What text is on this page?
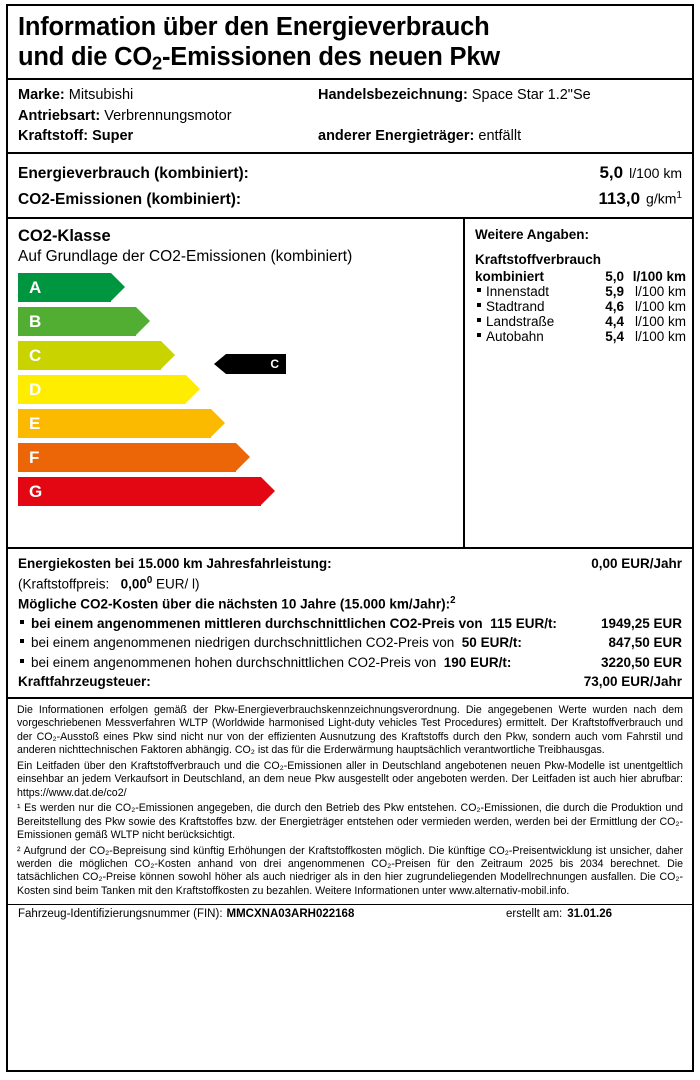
Information über den Energieverbrauch
und die $CO_2$-Emissionen des neuen Pkw
Marke: Mitsubishi	Handelsbezeichnung: Space Star 1.2"Se
Antriebsart: Verbrennungsmotor
Kraftstoff: Super	anderer Energieträger: entfällt
Energieverbrauch (kombiniert):	5,0 l/100 km
CO2-Emissionen (kombiniert):	113,0 $g/km^1$
CO2-Klasse
Auf Grundlage der CO2-Emissionen (kombiniert)
A
B
C
D
E
F
G
C
Weitere Angaben:
Kraftstoffverbrauch
kombiniert	5,0 l/100 km
Innenstadt	5,9 l/100 km
Stadtrand	4,6 l/100 km
Landstraße	4,4 l/100 km
Autobahn	5,4 l/100 km
Energiekosten bei 15.000 km Jahresfahrleistung:	0,00 EUR/Jahr
(Kraftstoffpreis: 0,00$^0$ EUR/ l)
Mögliche CO2-Kosten über die nächsten 10 Jahre (15.000 km/Jahr):$^2$
bei einem angenommenen mittleren durchschnittlichen CO2-Preis von 115 EUR/t:	1949,25 EUR
bei einem angenommenen niedrigen durchschnittlichen CO2-Preis von 50 EUR/t:	847,50 EUR
bei einem angenommenen hohen durchschnittlichen CO2-Preis von 190 EUR/t:	3220,50 EUR
Kraftfahrzeugsteuer:	73,00 EUR/Jahr

Die Informationen erfolgen gemäß der Pkw-Energieverbrauchskennzeichnungsverordnung. Die angegebenen Werte wurden nach dem vorgeschriebenen Messverfahren WLTP (Worldwide harmonised Light-duty vehicles Test Procedures) ermittelt. Der Kraftstoffverbrauch und der CO₂-Ausstoß eines Pkw sind nicht nur von der effizienten Ausnutzung des Kraftstoffs durch den Pkw, sondern auch vom Fahrstil und anderen nichttechnischen Faktoren abhängig. CO₂ ist das für die Erderwärmung hauptsächlich verantwortliche Treibhausgas.

Ein Leitfaden über den Kraftstoffverbrauch und die CO₂-Emissionen aller in Deutschland angebotenen neuen Pkw-Modelle ist unentgeltlich einsehbar an jedem Verkaufsort in Deutschland, an dem neue Pkw ausgestellt oder angeboten werden. Der Leitfaden ist auch hier abrufbar: https://www.dat.de/co2/

¹ Es werden nur die CO₂-Emissionen angegeben, die durch den Betrieb des Pkw entstehen. CO₂-Emissionen, die durch die Produktion und Bereitstellung des Pkw sowie des Kraftstoffes bzw. der Energieträger entstehen oder vermieden werden, werden bei der Ermittlung der CO₂-Emissionen gemäß WLTP nicht berücksichtigt.

² Aufgrund der CO₂-Bepreisung sind künftig Erhöhungen der Kraftstoffkosten möglich. Die künftige CO₂-Preisentwicklung ist unsicher, daher werden die möglichen CO₂-Kosten anhand von drei angenommenen CO₂-Preisen für den Zeitraum 2025 bis 2034 berechnet. Die tatsächlichen CO₂-Preise können sowohl höher als auch niedriger als in den hier zugrundeliegenden Modellrechnungen ausfallen. Die CO₂-Kosten sind beim Tanken mit den Kraftstoffkosten zu bezahlen. Weitere Informationen unter www.alternativ-mobil.info.

Fahrzeug-Identifizierungsnummer (FIN): MMCXNA03ARH022168	erstellt am: 31.01.26
